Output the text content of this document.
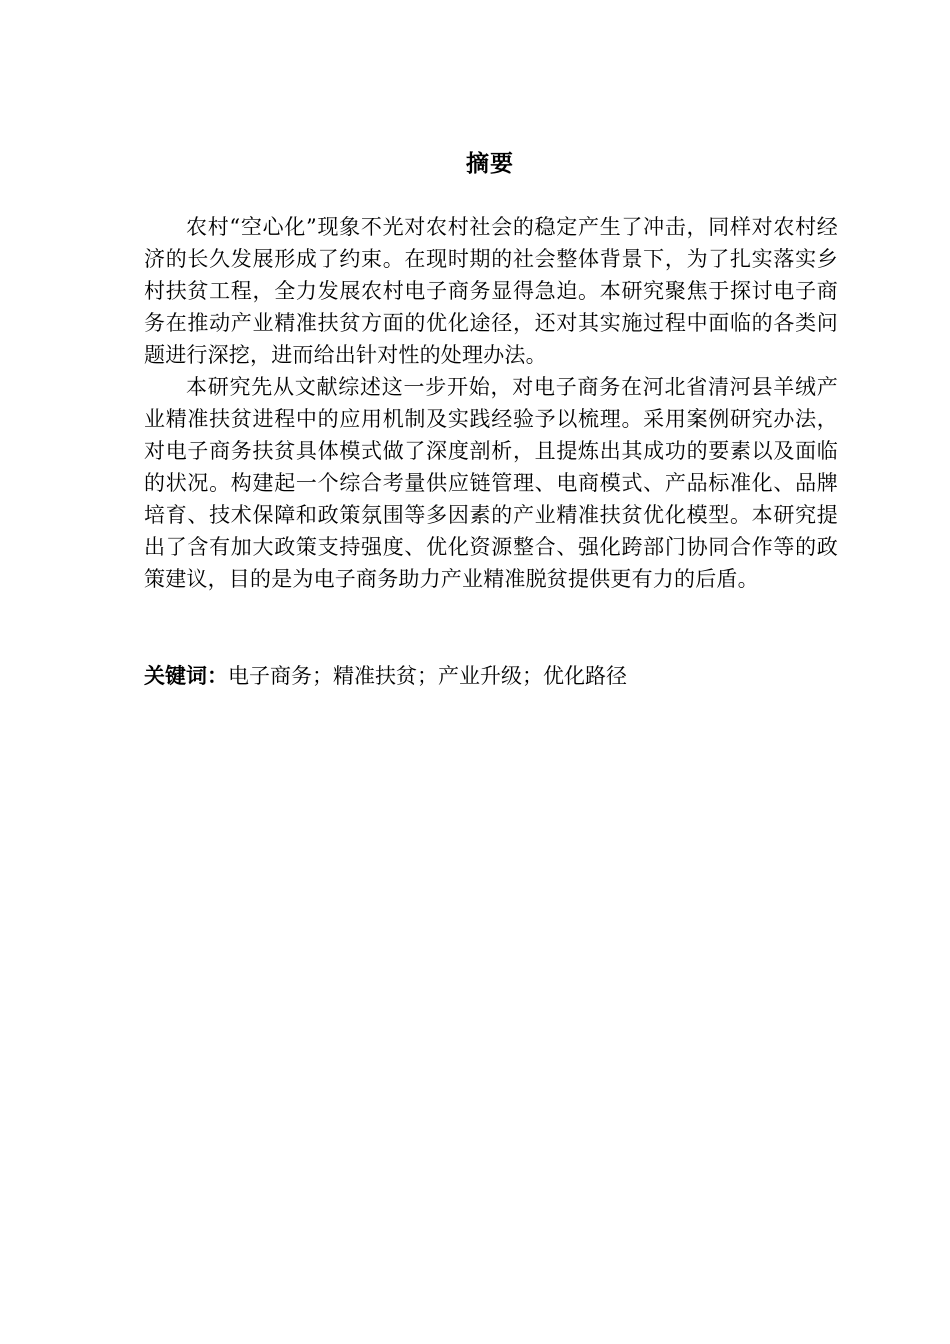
摘要

农村“空心化”现象不光对农村社会的稳定产生了冲击，同样对农村经济的长久发展形成了约束。在现时期的社会整体背景下，为了扎实落实乡村扶贫工程，全力发展农村电子商务显得急迫。本研究聚焦于探讨电子商务在推动产业精准扶贫方面的优化途径，还对其实施过程中面临的各类问题进行深挖，进而给出针对性的处理办法。

本研究先从文献综述这一步开始，对电子商务在河北省清河县羊绒产业精准扶贫进程中的应用机制及实践经验予以梳理。采用案例研究办法，对电子商务扶贫具体模式做了深度剖析，且提炼出其成功的要素以及面临的状况。构建起一个综合考量供应链管理、电商模式、产品标准化、品牌培育、技术保障和政策氛围等多因素的产业精准扶贫优化模型。本研究提出了含有加大政策支持强度、优化资源整合、强化跨部门协同合作等的政策建议，目的是为电子商务助力产业精准脱贫提供更有力的后盾。

关键词：电子商务；精准扶贫；产业升级；优化路径
